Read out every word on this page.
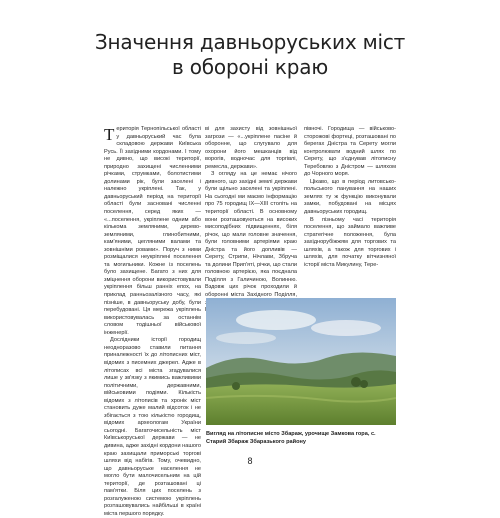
Значення давньоруських міст
в обороні краю

Територія Тернопільської області у давньоруський час була складовою держави Київська Русь. Її західними кордонами. І тому не дивно, що високі території, природно захищені численними річками, струмками, болотистими долинами рік, були заселені і належно укріплені. Так, у давньоруський період на території області були засновані численні поселення, серед яких — «...поселення, укріплене одним або кількома земляними, дерево-земляними, глинобитними, кам'яними, цегляними валами та зовнішніми ровами». Поруч з ними розміщалися неукріплені поселення та могильники. Кожне із поселень було захищене. Багато з них для зміцнення оборони використовували укріплення більш ранніх епох, на приклад ранньозалізного часу, які пізніше, в давньоруську добу, були перебудовані. Ця мережа укріплень використовувалась за останнім словом тодішньої військової інженерії.

Дослідники історії городищ неодноразово ставили питання приналежності їх до літописних міст, відомих з писемних джерел. Адже в літописах всі міста згадувалися лише у зв'язку з якимись важливими політичними, державними, військовими подіями. Кількість відомих з літописів та хронік міст становить дуже малий відсоток і не збігається з тою кількістю городищ, відомих археологам України сьогодні. Багаточисельність міст Київськоруської держави — не дивина, адже західні кордони нашого краю захищали приморські торгові шляхи від набігів. Тому, очевидно, що давньоруське населення не могло бути малочисельним на цій території, де розташовані ці пам'ятки. Біля цих поселень з розгалуженою системою укріплень розташовувались найбільші в країні міста першого порядку.

ві для захисту від зовнішньої загрози — «...укріплене пасіне й оборонне, що слугувало для охорони його мешканців від ворогів, водночас для торгівлі, ремесла, держави».

З огляду на це немає нічого дивного, що західні землі держави були щільно заселені та укріплені. На сьогодні ми маємо інформацію про 75 городищ ІХ—ХІІІ століть на території області. В основному вони розташовуються на високих мисоподібних підвищеннях, біля річок, що мали головне значення, були головними артеріями краю Дністра та його допливів — Серету, Стрипи, Нічлави, Збруча та долини Прип'яті, річки, що стали головною артерією, яка поєднала Поділля з Галичиною, Волинню. Вздовж цих річок проходили й оборонні міста Західного Поділля,

півночі. Городища — військово-сторожові фортеці, розташовані по берегах Дністра та Серету могли контролювати водний шлях по Серету, що з'єднував літописну Теребовлю з Дністром — шляхом до Чорного моря.

Цікаво, що в період литовсько-польського панування на наших землях ту ж функцію виконували замки, побудовані на місцях давньоруських городищ.

В пізньому часі територія поселення, що займало важливе стратегічне положення, була західнорубіжжям для торгових та шляхів, а також для торгових і шляхів, для початку вітчизняної історії міста Микулину, Тере-

Вигляд на літописне місто Збараж, урочище Замкова гора, с. Старий Збараж Збаразького району
8
